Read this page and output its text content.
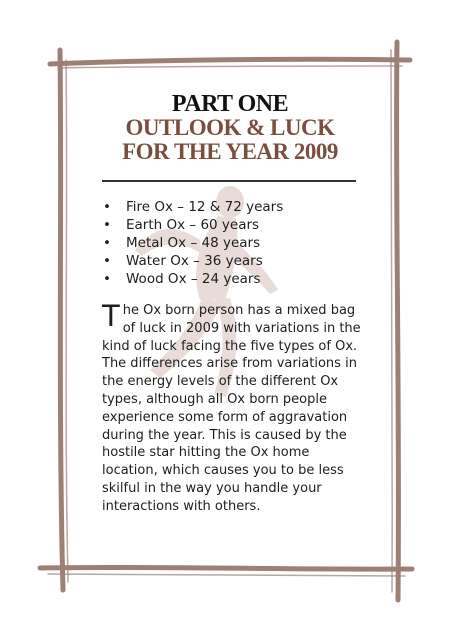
PART ONE
OUTLOOK & LUCK
FOR THE YEAR 2009
• Fire Ox – 12 & 72 years
• Earth Ox – 60 years
• Metal Ox – 48 years
• Water Ox – 36 years
• Wood Ox – 24 years

The Ox born person has a mixed bag of luck in 2009 with variations in the kind of luck facing the five types of Ox. The differences arise from variations in the energy levels of the different Ox types, although all Ox born people experience some form of aggravation during the year. This is caused by the hostile star hitting the Ox home location, which causes you to be less skilful in the way you handle your interactions with others.
